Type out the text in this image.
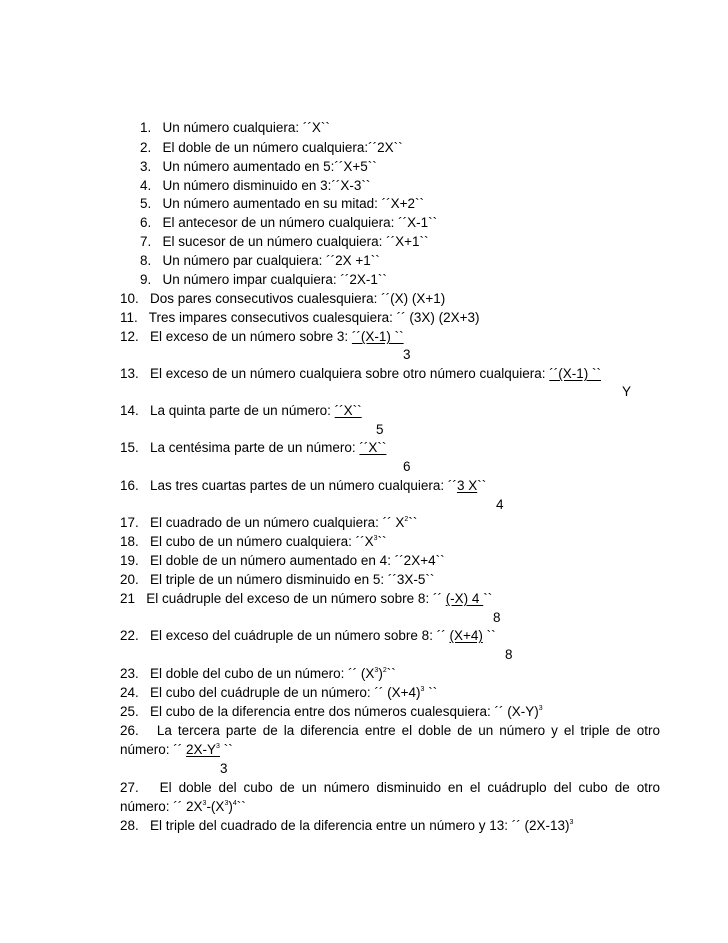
1.   Un número cualquiera: ´´X``
2.   El doble de un número cualquiera:´´2X``
3.   Un número aumentado en 5:´´X+5``
4.   Un número disminuido en 3:´´X-3``
5.   Un número aumentado en su mitad: ´´X+2``
6.   El antecesor de un número cualquiera: ´´X-1``
7.   El sucesor de un número cualquiera: ´´X+1``
8.   Un número par cualquiera: ´´2X +1``
9.   Un número impar cualquiera: ´´2X-1``
10.   Dos pares consecutivos cualesquiera: ´´(X) (X+1)
11.   Tres impares consecutivos cualesquiera: ´´ (3X) (2X+3)
12.   El exceso de un número sobre 3: ´´(X-1) ``
3
13.   El exceso de un número cualquiera sobre otro número cualquiera: ´´(X-1) ``
Y
14.   La quinta parte de un número: ´´X``
5
15.   La centésima parte de un número: ´´X``
6
16.   Las tres cuartas partes de un número cualquiera: ´´3 X``
4
17.   El cuadrado de un número cualquiera: ´´ $X^2``$
18.   El cubo de un número cualquiera: $´´X^3``$
19.   El doble de un número aumentado en 4: ´´2X+4``
20.   El triple de un número disminuido en 5: ´´3X-5``
21   El cuádruple del exceso de un número sobre 8: ´´ (-X) 4 ``
8
22.   El exceso del cuádruple de un número sobre 8: ´´ (X+4) ``
8
23.   El doble del cubo de un número: ´´ $(X^3)^2``$
24.   El cubo del cuádruple de un número: ´´ $(X+4)^3$ ``
25.   El cubo de la diferencia entre dos números cualesquiera: ´´ $(X-Y)^3$
26.   La tercera parte de la diferencia entre el doble de un número y el triple de otro
número: ´´ $2X-Y^3$ ``
3
27.   El doble del cubo de un número disminuido en el cuádruplo del cubo de otro
número: ´´ $2X^3-(X^3)^4``$
28.   El triple del cuadrado de la diferencia entre un número y 13: ´´ $(2X-13)^3$
